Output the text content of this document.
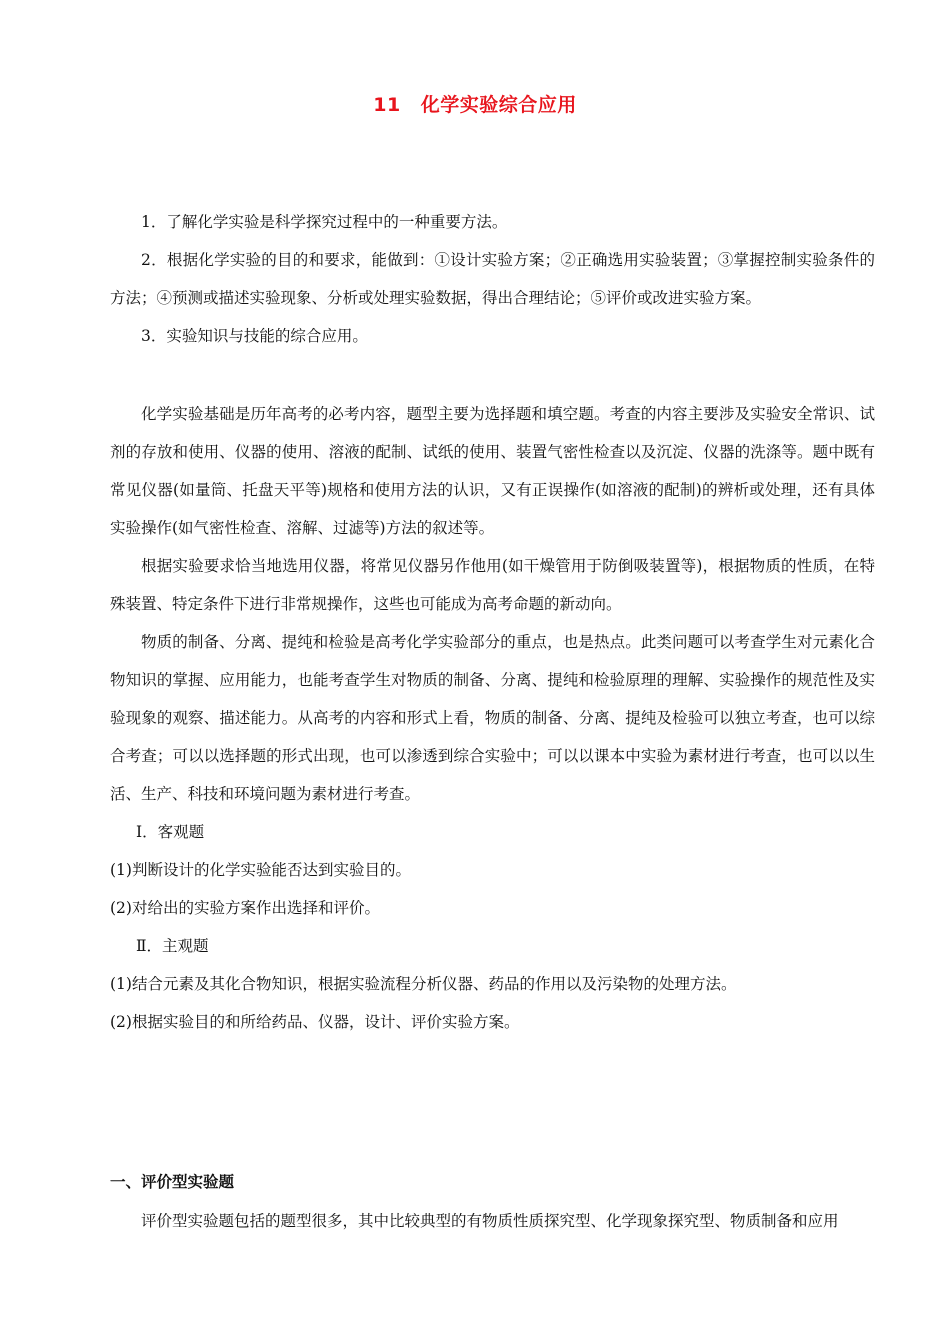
11 化学实验综合应用

1．了解化学实验是科学探究过程中的一种重要方法。

2．根据化学实验的目的和要求，能做到：①设计实验方案；②正确选用实验装置；③掌握控制实验条件的方法；④预测或描述实验现象、分析或处理实验数据，得出合理结论；⑤评价或改进实验方案。

3．实验知识与技能的综合应用。

化学实验基础是历年高考的必考内容，题型主要为选择题和填空题。考查的内容主要涉及实验安全常识、试剂的存放和使用、仪器的使用、溶液的配制、试纸的使用、装置气密性检查以及沉淀、仪器的洗涤等。题中既有常见仪器(如量筒、托盘天平等)规格和使用方法的认识，又有正误操作(如溶液的配制)的辨析或处理，还有具体实验操作(如气密性检查、溶解、过滤等)方法的叙述等。

根据实验要求恰当地选用仪器，将常见仪器另作他用(如干燥管用于防倒吸装置等)，根据物质的性质，在特殊装置、特定条件下进行非常规操作，这些也可能成为高考命题的新动向。

物质的制备、分离、提纯和检验是高考化学实验部分的重点，也是热点。此类问题可以考查学生对元素化合物知识的掌握、应用能力，也能考查学生对物质的制备、分离、提纯和检验原理的理解、实验操作的规范性及实验现象的观察、描述能力。从高考的内容和形式上看，物质的制备、分离、提纯及检验可以独立考查，也可以综合考查；可以以选择题的形式出现，也可以渗透到综合实验中；可以以课本中实验为素材进行考查，也可以以生活、生产、科技和环境问题为素材进行考查。

Ⅰ．客观题

(1)判断设计的化学实验能否达到实验目的。

(2)对给出的实验方案作出选择和评价。

Ⅱ．主观题

(1)结合元素及其化合物知识，根据实验流程分析仪器、药品的作用以及污染物的处理方法。

(2)根据实验目的和所给药品、仪器，设计、评价实验方案。

一、评价型实验题

评价型实验题包括的题型很多，其中比较典型的有物质性质探究型、化学现象探究型、物质制备和应用
